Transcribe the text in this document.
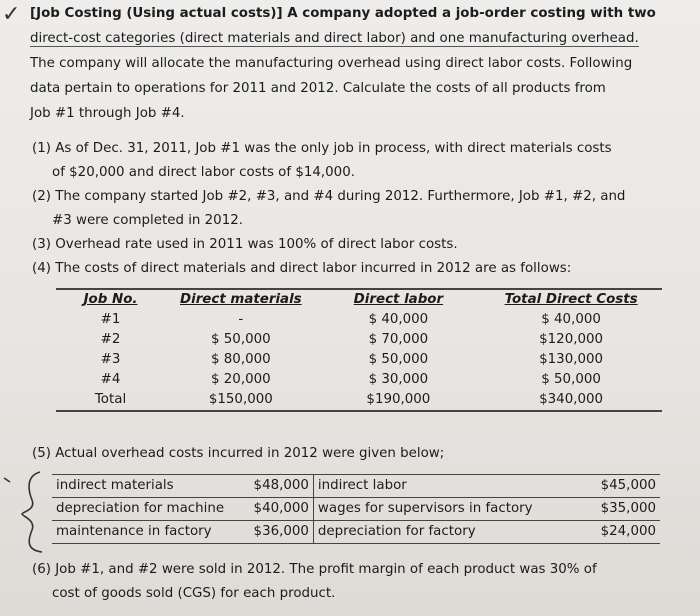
✓ [Job Costing (Using actual costs)] A company adopted a job-order costing with two
direct-cost categories (direct materials and direct labor) and one manufacturing overhead.
The company will allocate the manufacturing overhead using direct labor costs. Following
data pertain to operations for 2011 and 2012. Calculate the costs of all products from
Job #1 through Job #4.
(1) As of Dec. 31, 2011, Job #1 was the only job in process, with direct materials costs
of $20,000 and direct labor costs of $14,000.
(2) The company started Job #2, #3, and #4 during 2012. Furthermore, Job #1, #2, and
#3 were completed in 2012.
(3) Overhead rate used in 2011 was 100% of direct labor costs.
(4) The costs of direct materials and direct labor incurred in 2012 are as follows:
Job No.	Direct materials	Direct labor	Total Direct Costs
#1	-	$ 40,000	$ 40,000
#2	$ 50,000	$ 70,000	$120,000
#3	$ 80,000	$ 50,000	$130,000
#4	$ 20,000	$ 30,000	$ 50,000
Total	$150,000	$190,000	$340,000
(5) Actual overhead costs incurred in 2012 were given below;
indirect materials	$48,000	indirect labor	$45,000
depreciation for machine	$40,000	wages for supervisors in factory	$35,000
maintenance in factory	$36,000	depreciation for factory	$24,000
(6) Job #1, and #2 were sold in 2012. The profit margin of each product was 30% of
cost of goods sold (CGS) for each product.
